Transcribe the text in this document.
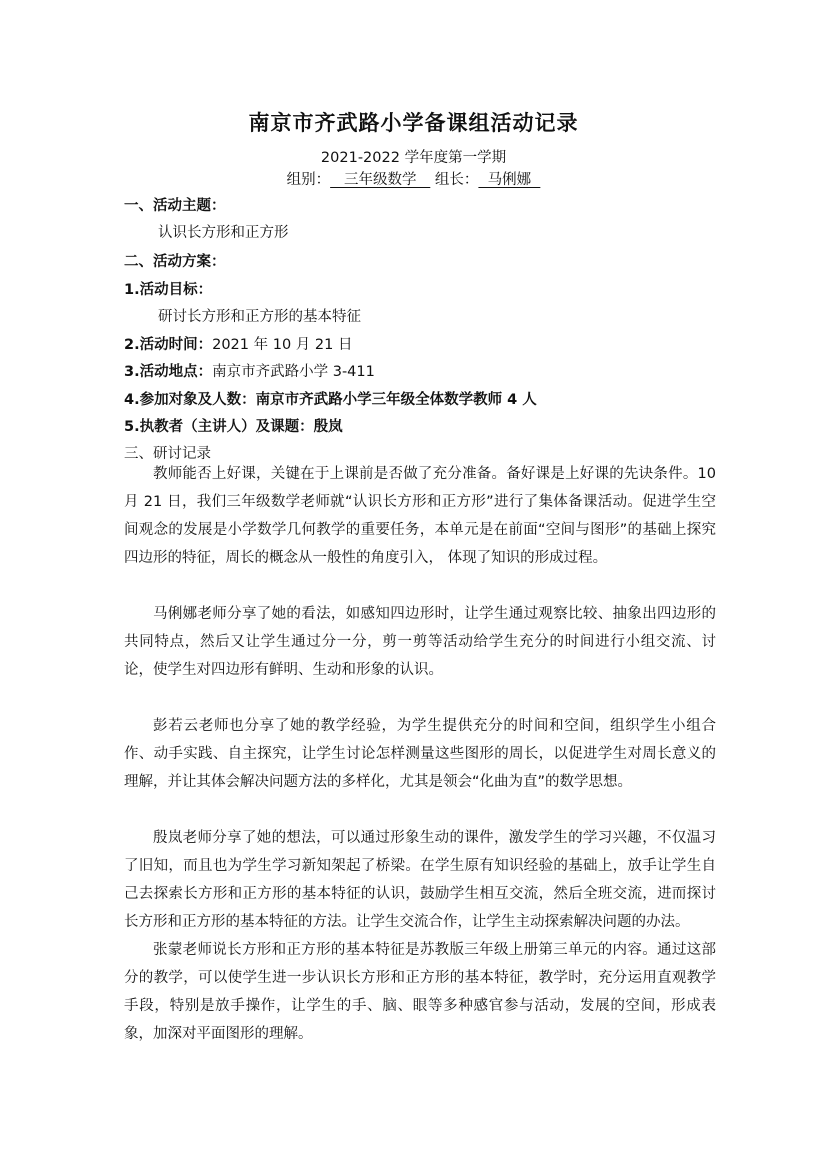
南京市齐武路小学备课组活动记录
2021-2022 学年度第一学期
组别：   三年级数学    组长：  马俐娜
一、活动主题：
认识长方形和正方形
二、活动方案：
1.活动目标：
研讨长方形和正方形的基本特征
2.活动时间：2021 年 10 月 21 日
3.活动地点：南京市齐武路小学 3-411
4.参加对象及人数：南京市齐武路小学三年级全体数学教师 4 人
5.执教者（主讲人）及课题：殷岚
三、研讨记录

教师能否上好课，关键在于上课前是否做了充分准备。备好课是上好课的先诀条件。10 月 21 日，我们三年级数学老师就“认识长方形和正方形”进行了集体备课活动。促进学生空间观念的发展是小学数学几何教学的重要任务，本单元是在前面“空间与图形”的基础上探究四边形的特征，周长的概念从一般性的角度引入， 体现了知识的形成过程。

马俐娜老师分享了她的看法，如感知四边形时，让学生通过观察比较、抽象出四边形的共同特点，然后又让学生通过分一分，剪一剪等活动给学生充分的时间进行小组交流、讨论，使学生对四边形有鲜明、生动和形象的认识。

彭若云老师也分享了她的教学经验，为学生提供充分的时间和空间，组织学生小组合作、动手实践、自主探究，让学生讨论怎样测量这些图形的周长，以促进学生对周长意义的理解，并让其体会解决问题方法的多样化，尤其是领会“化曲为直”的数学思想。

殷岚老师分享了她的想法，可以通过形象生动的课件，激发学生的学习兴趣，不仅温习了旧知，而且也为学生学习新知架起了桥梁。在学生原有知识经验的基础上，放手让学生自己去探索长方形和正方形的基本特征的认识，鼓励学生相互交流，然后全班交流，进而探讨长方形和正方形的基本特征的方法。让学生交流合作，让学生主动探索解决问题的办法。

张蒙老师说长方形和正方形的基本特征是苏教版三年级上册第三单元的内容。通过这部分的教学，可以使学生进一步认识长方形和正方形的基本特征，教学时，充分运用直观教学手段，特别是放手操作，让学生的手、脑、眼等多种感官参与活动，发展的空间，形成表象，加深对平面图形的理解。
